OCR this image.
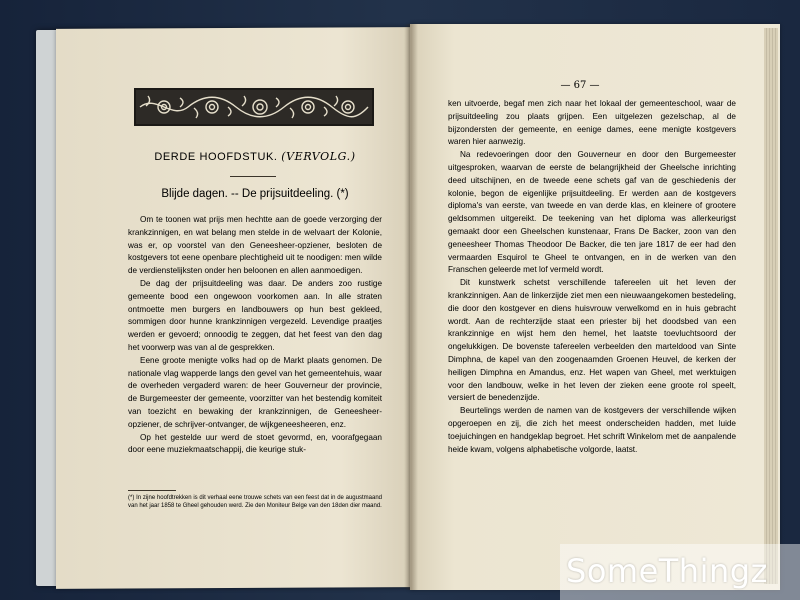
DERDE HOOFDSTUK. (VERVOLG.)
Blijde dagen. -- De prijsuitdeeling. (*)

Om te toonen wat prijs men hechtte aan de goede verzorging der krankzinnigen, en wat belang men stelde in de welvaart der Kolonie, was er, op voorstel van den Geneesheer-opziener, besloten de kostgevers tot eene openbare plechtigheid uit te noodigen: men wilde de verdienstelijksten onder hen beloonen en allen aanmoedigen.

De dag der prijsuitdeeling was daar. De anders zoo rustige gemeente bood een ongewoon voorkomen aan. In alle straten ontmoette men burgers en landbouwers op hun best gekleed, sommigen door hunne krankzinnigen vergezeld. Levendige praatjes werden er gevoerd; onnoodig te zeggen, dat het feest van den dag het voorwerp was van al de gesprekken.

Eene groote menigte volks had op de Markt plaats genomen. De nationale vlag wapperde langs den gevel van het gemeentehuis, waar de overheden vergaderd waren: de heer Gouverneur der provincie, de Burgemeester der gemeente, voorzitter van het bestendig komiteit van toezicht en bewaking der krankzinnigen, de Geneesheer-opziener, de schrijver-ontvanger, de wijkgeneesheeren, enz.

Op het gestelde uur werd de stoet gevormd, en, voorafgegaan door eene muziekmaatschappij, die keurige stuk-

(*) In zijne hoofdtrekken is dit verhaal eene trouwe schets van een feest dat in de augustmaand van het jaar 1858 te Gheel gehouden werd. Zie den Moniteur Belge van den 18den dier maand.
— 67 —

ken uitvoerde, begaf men zich naar het lokaal der gemeenteschool, waar de prijsuitdeeling zou plaats grijpen. Een uitgelezen gezelschap, al de bijzondersten der gemeente, en eenige dames, eene menigte kostgevers waren hier aanwezig.

Na redevoeringen door den Gouverneur en door den Burgemeester uitgesproken, waarvan de eerste de belangrijkheid der Gheelsche inrichting deed uitschijnen, en de tweede eene schets gaf van de geschiedenis der kolonie, begon de eigenlijke prijsuitdeeling. Er werden aan de kostgevers diploma's van eerste, van tweede en van derde klas, en kleinere of grootere geldsommen uitgereikt. De teekening van het diploma was allerkeurigst gemaakt door een Gheelschen kunstenaar, Frans De Backer, zoon van den geneesheer Thomas Theodoor De Backer, die ten jare 1817 de eer had den vermaarden Esquirol te Gheel te ontvangen, en in de werken van den Franschen geleerde met lof vermeld wordt.

Dit kunstwerk schetst verschillende tafereelen uit het leven der krankzinnigen. Aan de linkerzijde ziet men een nieuwaangekomen bestedeling, die door den kostgever en diens huisvrouw verwelkomd en in huis gebracht wordt. Aan de rechterzijde staat een priester bij het doodsbed van een krankzinnige en wijst hem den hemel, het laatste toevluchtsoord der ongelukkigen. De bovenste tafereelen verbeelden den marteldood van Sinte Dimphna, de kapel van den zoogenaamden Groenen Heuvel, de kerken der heiligen Dimphna en Amandus, enz. Het wapen van Gheel, met werktuigen voor den landbouw, welke in het leven der zieken eene groote rol speelt, versiert de benedenzijde.

Beurtelings werden de namen van de kostgevers der verschillende wijken opgeroepen en zij, die zich het meest onderscheiden hadden, met luide toejuichingen en handgeklap begroet. Het schrift Winkelom met de aanpalende heide kwam, volgens alphabetische volgorde, laatst.

SomeThingz
